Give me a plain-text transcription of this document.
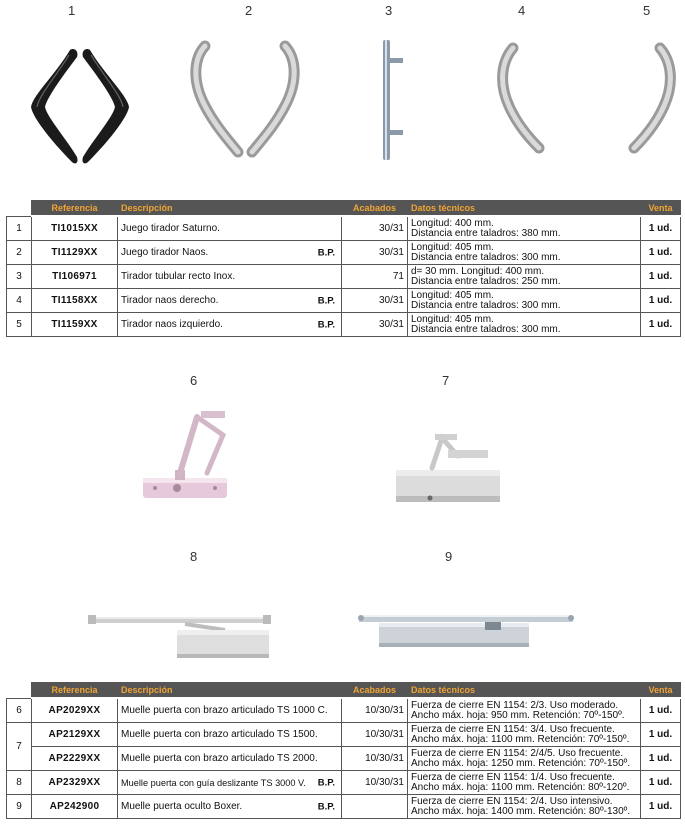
1	2	3	4	5
	Referencia	Descripción	Acabados	Datos técnicos	Venta
1	TI1015XX	Juego tirador Saturno.	30/31	Longitud: 400 mm.
Distancia entre taladros: 380 mm.	1 ud.
2	TI1129XX	Juego tirador Naos. B.P.	30/31	Longitud: 405 mm.
Distancia entre taladros: 300 mm.	1 ud.
3	TI106971	Tirador tubular recto Inox.	71	d= 30 mm. Longitud: 400 mm.
Distancia entre taladros: 250 mm.	1 ud.
4	TI1158XX	Tirador naos derecho. B.P.	30/31	Longitud: 405 mm.
Distancia entre taladros: 300 mm.	1 ud.
5	TI1159XX	Tirador naos izquierdo. B.P.	30/31	Longitud: 405 mm.
Distancia entre taladros: 300 mm.	1 ud.
6	7
8	9
	Referencia	Descripción	Acabados	Datos técnicos	Venta
6	AP2029XX	Muelle puerta con brazo articulado TS 1000 C.	10/30/31	Fuerza de cierre EN 1154: 2/3. Uso moderado.
Ancho máx. hoja: 950 mm. Retención: 70º-150º.	1 ud.
7	AP2129XX	Muelle puerta con brazo articulado TS 1500.	10/30/31	Fuerza de cierre EN 1154: 3/4. Uso frecuente.
Ancho máx. hoja: 1100 mm. Retención: 70º-150º.	1 ud.
	AP2229XX	Muelle puerta con brazo articulado TS 2000.	10/30/31	Fuerza de cierre EN 1154: 2/4/5. Uso frecuente.
Ancho máx. hoja: 1250 mm. Retención: 70º-150º.	1 ud.
8	AP2329XX	Muelle puerta con guía deslizante TS 3000 V. B.P.	10/30/31	Fuerza de cierre EN 1154: 1/4. Uso frecuente.
Ancho máx. hoja: 1100 mm. Retención: 80º-120º.	1 ud.
9	AP242900	Muelle puerta oculto Boxer. B.P.		Fuerza de cierre EN 1154: 2/4. Uso intensivo.
Ancho máx. hoja: 1400 mm. Retención: 80º-130º.	1 ud.
